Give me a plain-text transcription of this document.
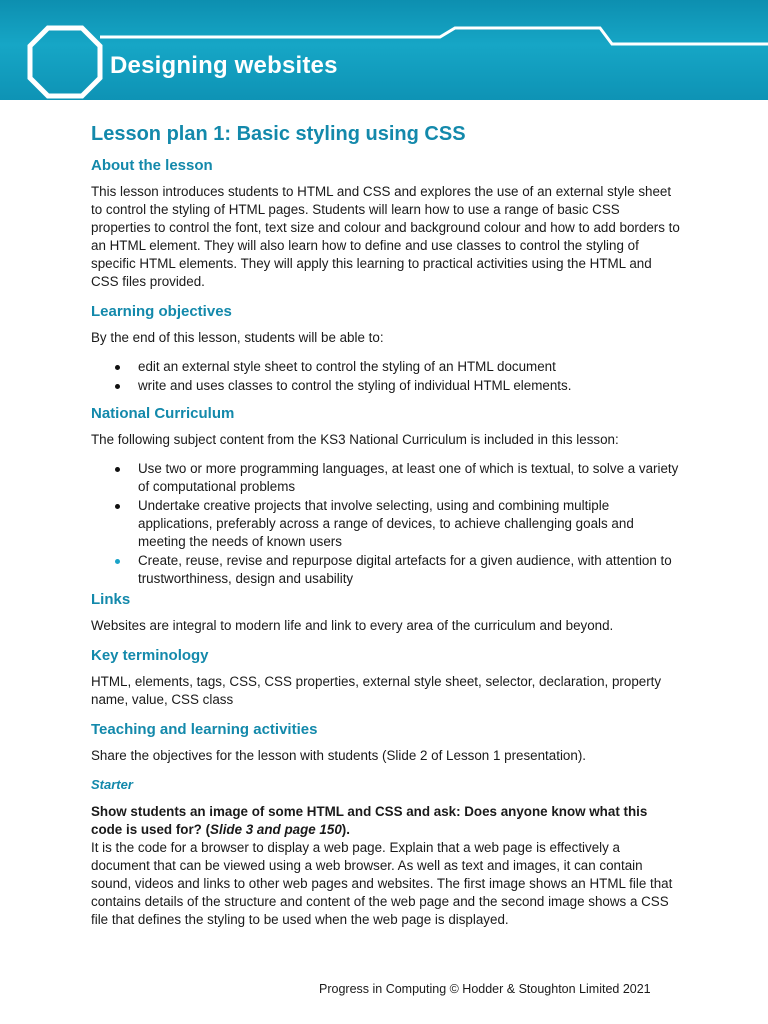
Designing websites
Lesson plan 1: Basic styling using CSS
About the lesson

This lesson introduces students to HTML and CSS and explores the use of an external style sheet to control the styling of HTML pages. Students will learn how to use a range of basic CSS properties to control the font, text size and colour and background colour and how to add borders to an HTML element. They will also learn how to define and use classes to control the styling of specific HTML elements. They will apply this learning to practical activities using the HTML and CSS files provided.

Learning objectives

By the end of this lesson, students will be able to:

edit an external style sheet to control the styling of an HTML document
write and uses classes to control the styling of individual HTML elements.
National Curriculum

The following subject content from the KS3 National Curriculum is included in this lesson:

Use two or more programming languages, at least one of which is textual, to solve a variety of computational problems
Undertake creative projects that involve selecting, using and combining multiple applications, preferably across a range of devices, to achieve challenging goals and meeting the needs of known users
Create, reuse, revise and repurpose digital artefacts for a given audience, with attention to trustworthiness, design and usability
Links

Websites are integral to modern life and link to every area of the curriculum and beyond.

Key terminology

HTML, elements, tags, CSS, CSS properties, external style sheet, selector, declaration, property name, value, CSS class

Teaching and learning activities

Share the objectives for the lesson with students (Slide 2 of Lesson 1 presentation).

Starter

Show students an image of some HTML and CSS and ask: Does anyone know what this code is used for? (Slide 3 and page 150).

It is the code for a browser to display a web page. Explain that a web page is effectively a document that can be viewed using a web browser. As well as text and images, it can contain sound, videos and links to other web pages and websites. The first image shows an HTML file that contains details of the structure and content of the web page and the second image shows a CSS file that defines the styling to be used when the web page is displayed.

Progress in Computing © Hodder & Stoughton Limited 2021
